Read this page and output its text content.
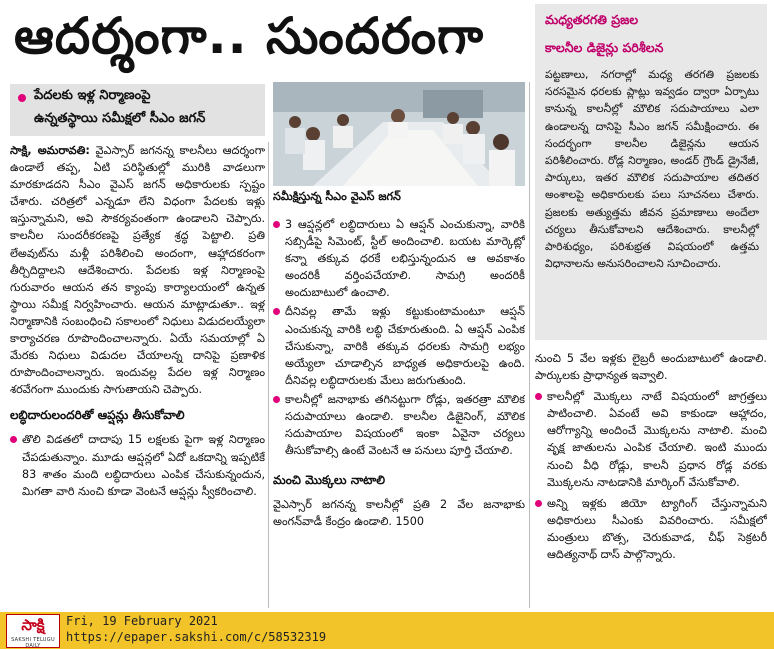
ఆదర్శంగా.. సుందరంగా
పేదలకు ఇళ్ల నిర్మాణంపై
ఉన్నతస్థాయి సమీక్షలో సీఎం జగన్

సాక్షి, అమరావతి: వైఎస్సార్ జగనన్న కాలనీలు ఆదర్శంగా ఉండాలే తప్ప, ఏటి పరిస్థితుల్లో మురికి వాడలుగా మారకూడదని సీఎం వైఎస్ జగన్ అధికారులకు స్పష్టం చేశారు. చరిత్రలో ఎన్నడూ లేని విధంగా పేదలకు ఇళ్లు ఇస్తున్నామని, అవి సౌకర్యవంతంగా ఉండాలని చెప్పారు. కాలనీల సుందరీకరణపై ప్రత్యేక శ్రద్ధ పెట్టాలి. ప్రతి లేఅవుట్‌ను మళ్లీ పరిశీలించి అందంగా, ఆహ్లాదకరంగా తీర్చిదిద్దాలని ఆదేశించారు. పేదలకు ఇళ్ల నిర్మాణంపై గురువారం ఆయన తన క్యాంపు కార్యాలయంలో ఉన్నత స్థాయి సమీక్ష నిర్వహించారు. ఆయన మాట్లాడుతూ.. ఇళ్ల నిర్మాణానికి సంబంధించి సకాలంలో నిధులు విడుదలయ్యేలా కార్యాచరణ రూపొందించాలన్నారు. ఏయే సమయాల్లో ఏ మేరకు నిధులు విడుదల చేయాలన్న దానిపై ప్రణాళిక రూపొందించాలన్నారు. ఇందువల్ల పేదల ఇళ్ల నిర్మాణం శరవేగంగా ముందుకు సాగుతాయని చెప్పారు.

లబ్ధిదారులందరితో ఆప్షన్లు తీసుకోవాలి

తొలి విడతలో దాదాపు 15 లక్షలకు పైగా ఇళ్ల నిర్మాణం చేపడుతున్నాం. మూడు ఆప్షన్లలో ఏదో ఒకదాన్ని ఇప్పటికే 83 శాతం మంది లబ్ధిదారులు ఎంపిక చేసుకున్నందున, మిగతా వారి నుంచి కూడా వెంటనే ఆప్షన్లు స్వీకరించాలి.

సమీక్షిస్తున్న సీఎం వైఎస్ జగన్

3 ఆప్షన్లలో లబ్ధిదారులు ఏ ఆప్షన్ ఎంచుకున్నా, వారికి సబ్సిడీపై సిమెంట్, స్టీల్ అందించాలి. బయట మార్కెట్లో కన్నా తక్కువ ధరకే లభిస్తున్నందున ఆ అవకాశం అందరికీ వర్తింపచేయాలి. సామగ్రి అందరికీ అందుబాటులో ఉంచాలి.

దీనివల్ల తామే ఇళ్లు కట్టుకుంటామంటూ ఆప్షన్ ఎంచుకున్న వారికి లబ్ధి చేకూరుతుంది. ఏ ఆప్షన్ ఎంపిక చేసుకున్నా, వారికి తక్కువ ధరలకు సామగ్రి లభ్యం అయ్యేలా చూడాల్సిన బాధ్యత అధికారులపై ఉంది. దీనివల్ల లబ్ధిదారులకు మేలు జరుగుతుంది.

కాలనీల్లో జనాభాకు తగినట్టుగా రోడ్లు, ఇతరత్రా మౌలిక సదుపాయాలు ఉండాలి. కాలనీల డిజైనింగ్, మౌలిక సదుపాయాల విషయంలో ఇంకా ఏవైనా చర్యలు తీసుకోవాల్సి ఉంటే వెంటనే ఆ పనులు పూర్తి చేయాలి.

మంచి మొక్కలు నాటాలి

వైఎస్సార్ జగనన్న కాలనీల్లో ప్రతి 2 వేల జనాభాకు అంగన్‌వాడీ కేంద్రం ఉండాలి. 1500

మధ్యతరగతి ప్రజల
కాలనీల డిజైన్లు పరిశీలన
పట్టణాలు, నగరాల్లో మధ్య తరగతి ప్రజలకు సరసమైన ధరలకు ప్లాట్లు ఇవ్వడం ద్వారా ఏర్పాటు కానున్న కాలనీల్లో మౌలిక సదుపాయాలు ఎలా ఉండాలన్న దానిపై సీఎం జగన్ సమీక్షించారు. ఈ సందర్భంగా కాలనీల డిజైన్లను ఆయన పరిశీలించారు. రోడ్ల నిర్మాణం, అండర్ గ్రౌండ్ డ్రైనేజీ, పార్కులు, ఇతర మౌలిక సదుపాయాల తదితర అంశాలపై అధికారులకు పలు సూచనలు చేశారు. ప్రజలకు అత్యుత్తమ జీవన ప్రమాణాలు అందేలా చర్యలు తీసుకోవాలని ఆదేశించారు. కాలనీల్లో పారిశుధ్యం, పరిశుభ్రత విషయంలో ఉత్తమ విధానాలను అనుసరించాలని సూచించారు.

నుంచి 5 వేల ఇళ్లకు లైబ్రరీ అందుబాటులో ఉండాలి. పార్కులకు ప్రాధాన్యత ఇవ్వాలి.

కాలనీల్లో మొక్కలు నాటే విషయంలో జాగ్రత్తలు పాటించాలి. ఏవంటే అవి కాకుండా ఆహ్లాదం, ఆరోగ్యాన్ని అందించే మొక్కలను నాటాలి. మంచి వృక్ష జాతులను ఎంపిక చేయాలి. ఇంటి ముందు నుంచి వీధి రోడ్లు, కాలనీ ప్రధాన రోడ్ల వరకు మొక్కలను నాటడానికి మార్కింగ్ వేసుకోవాలి.

అన్ని ఇళ్లకు జియో ట్యాగింగ్ చేస్తున్నామని అధికారులు సీఎంకు వివరించారు. సమీక్షలో మంత్రులు బొత్స, చెరుకువాడ, చీఫ్ సెక్రటరీ ఆదిత్యనాథ్ దాస్ పాల్గొన్నారు.

సాక్షి
SAKSHI TELUGU DAILY
Fri, 19 February 2021
https://epaper.sakshi.com/c/58532319
